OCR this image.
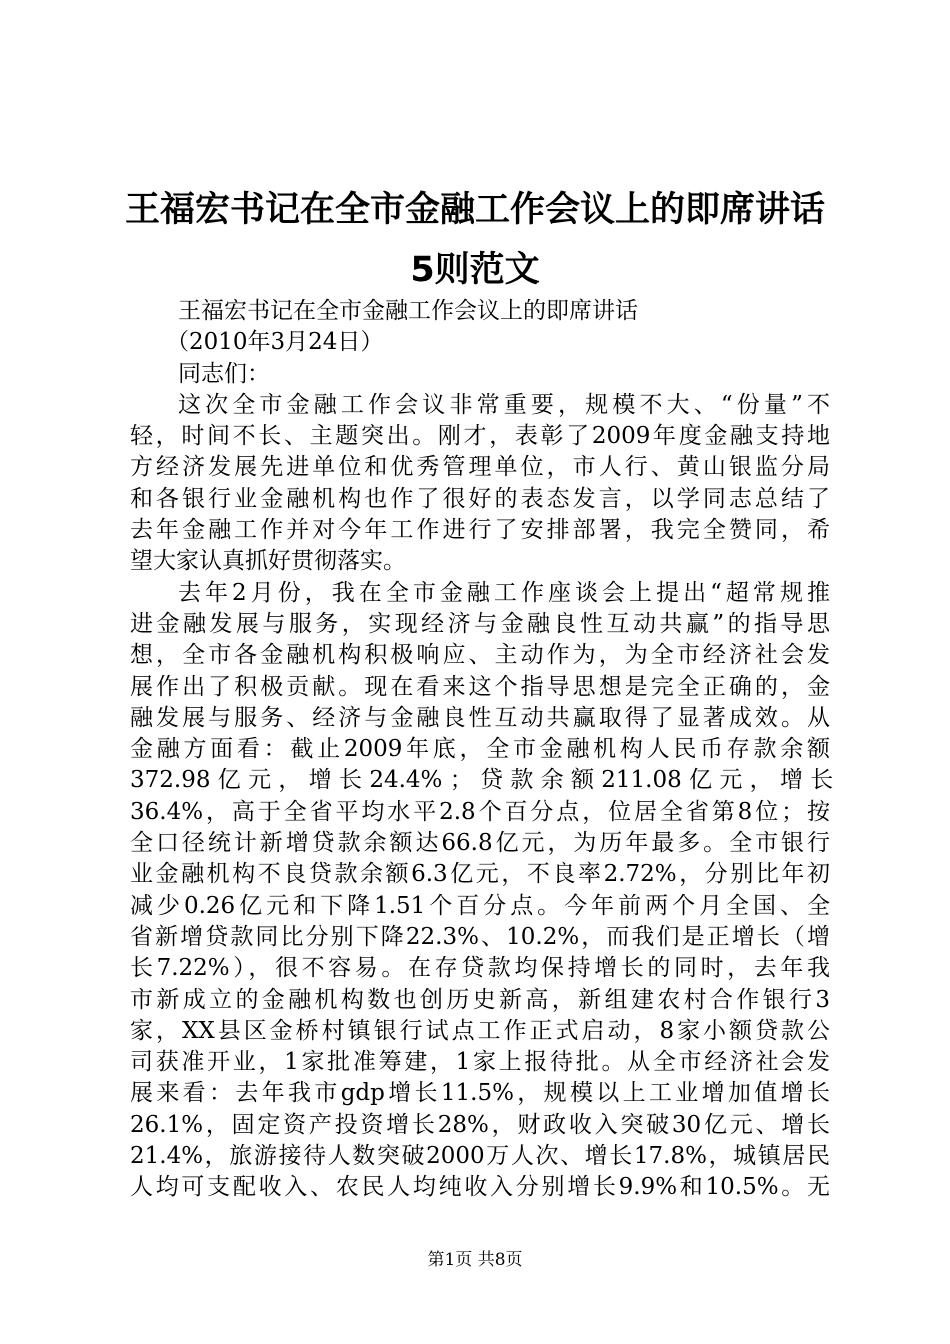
王福宏书记在全市金融工作会议上的即席讲话
5则范文
王福宏书记在全市金融工作会议上的即席讲话
（2010年3月24日）
同志们：
这次全市金融工作会议非常重要，规模不大、“份量”不
轻，时间不长、主题突出。刚才，表彰了2009年度金融支持地
方经济发展先进单位和优秀管理单位，市人行、黄山银监分局
和各银行业金融机构也作了很好的表态发言，以学同志总结了
去年金融工作并对今年工作进行了安排部署，我完全赞同，希
望大家认真抓好贯彻落实。
去年2月份，我在全市金融工作座谈会上提出“超常规推
进金融发展与服务，实现经济与金融良性互动共赢”的指导思
想，全市各金融机构积极响应、主动作为，为全市经济社会发
展作出了积极贡献。现在看来这个指导思想是完全正确的，金
融发展与服务、经济与金融良性互动共赢取得了显著成效。从
金融方面看：截止2009年底，全市金融机构人民币存款余额
372.98 亿 元 ， 增 长 24.4% ； 贷 款 余 额 211.08 亿 元 ， 增 长
36.4%，高于全省平均水平2.8个百分点，位居全省第8位；按
全口径统计新增贷款余额达66.8亿元，为历年最多。全市银行
业金融机构不良贷款余额6.3亿元，不良率2.72%，分别比年初
减少0.26亿元和下降1.51个百分点。今年前两个月全国、全
省新增贷款同比分别下降22.3%、10.2%，而我们是正增长（增
长7.22%），很不容易。在存贷款均保持增长的同时，去年我
市新成立的金融机构数也创历史新高，新组建农村合作银行3
家，XX县区金桥村镇银行试点工作正式启动，8家小额贷款公
司获准开业，1家批准筹建，1家上报待批。从全市经济社会发
展来看：去年我市gdp增长11.5%，规模以上工业增加值增长
26.1%，固定资产投资增长28%，财政收入突破30亿元、增长
21.4%，旅游接待人数突破2000万人次、增长17.8%，城镇居民
人均可支配收入、农民人均纯收入分别增长9.9%和10.5%。无
第1页 共8页
